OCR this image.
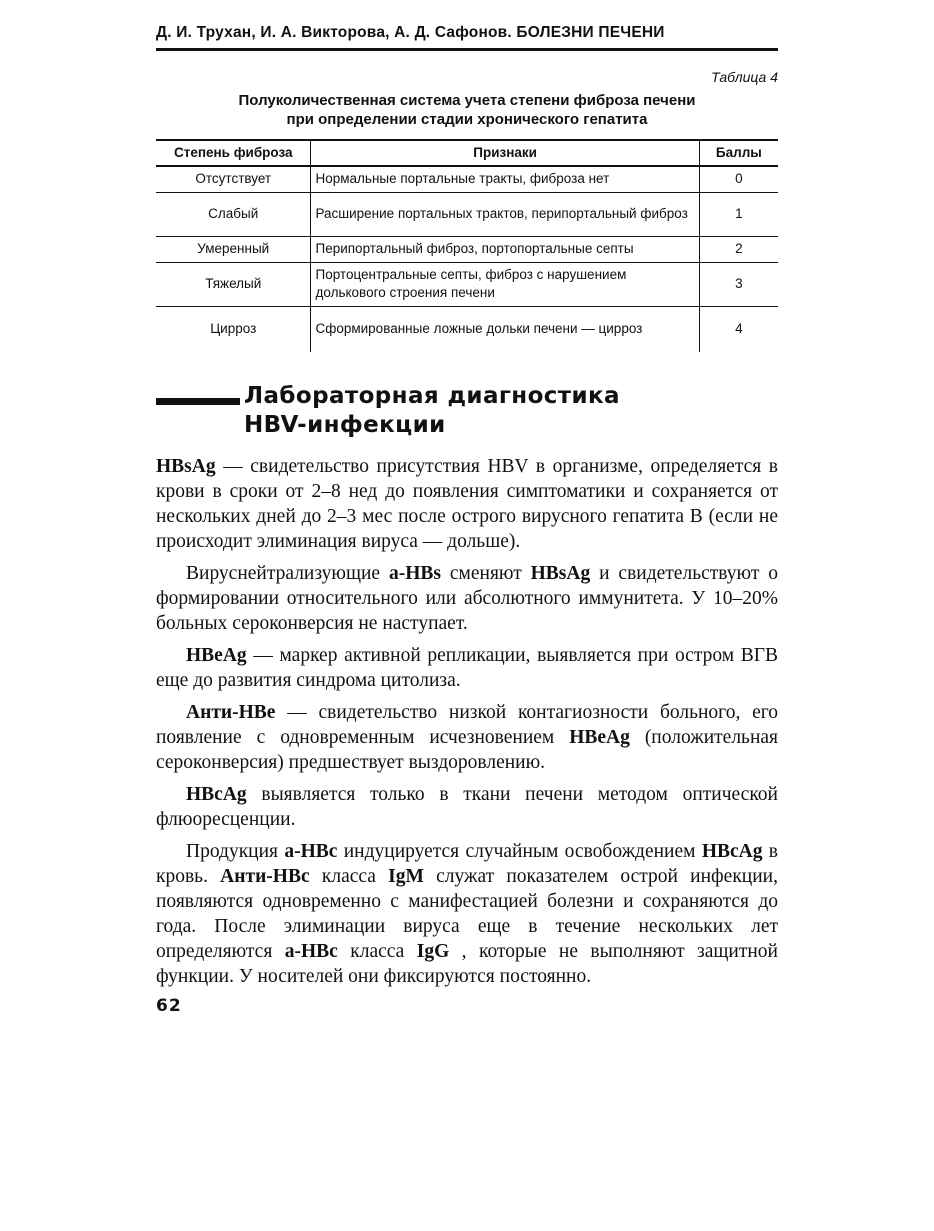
Д. И. Трухан, И. А. Викторова, А. Д. Сафонов. БОЛЕЗНИ ПЕЧЕНИ
Таблица 4
Полуколичественная система учета степени фиброза печени
при определении стадии хронического гепатита
Степень фиброза	Признаки	Баллы
Отсутствует	Нормальные портальные тракты, фиброза нет	0
Слабый	Расширение портальных трактов, перипортальный фиброз	1
Умеренный	Перипортальный фиброз, портопортальные септы	2
Тяжелый	Портоцентральные септы, фиброз с нарушением долькового строения печени	3
Цирроз	Сформированные ложные дольки печени — цирроз	4
Лабораторная диагностика
HBV-инфекции

HBsAg — свидетельство присутствия HBV в организме, определяется в крови в сроки от 2–8 нед до появления симптоматики и сохраняется от нескольких дней до 2–3 мес после острого вирусного гепатита В (если не происходит элиминация вируса — дольше).

Вируснейтрализующие a-HBs сменяют HBsAg и свидетельствуют о формировании относительного или абсолютного иммунитета. У 10–20% больных сероконверсия не наступает.

HBeAg — маркер активной репликации, выявляется при остром ВГВ еще до развития синдрома цитолиза.

Анти-HBe — свидетельство низкой контагиозности больного, его появление с одновременным исчезновением HBeAg (положительная сероконверсия) предшествует выздоровлению.

HBcAg выявляется только в ткани печени методом оптической флюоресценции.

Продукция a-HBc индуцируется случайным освобождением HBcAg в кровь. Анти-HBc класса IgM служат показателем острой инфекции, появляются одновременно с манифестацией болезни и сохраняются до года. После элиминации вируса еще в течение нескольких лет определяются a-HBc класса IgG , которые не выполняют защитной функции. У носителей они фиксируются постоянно.

62
